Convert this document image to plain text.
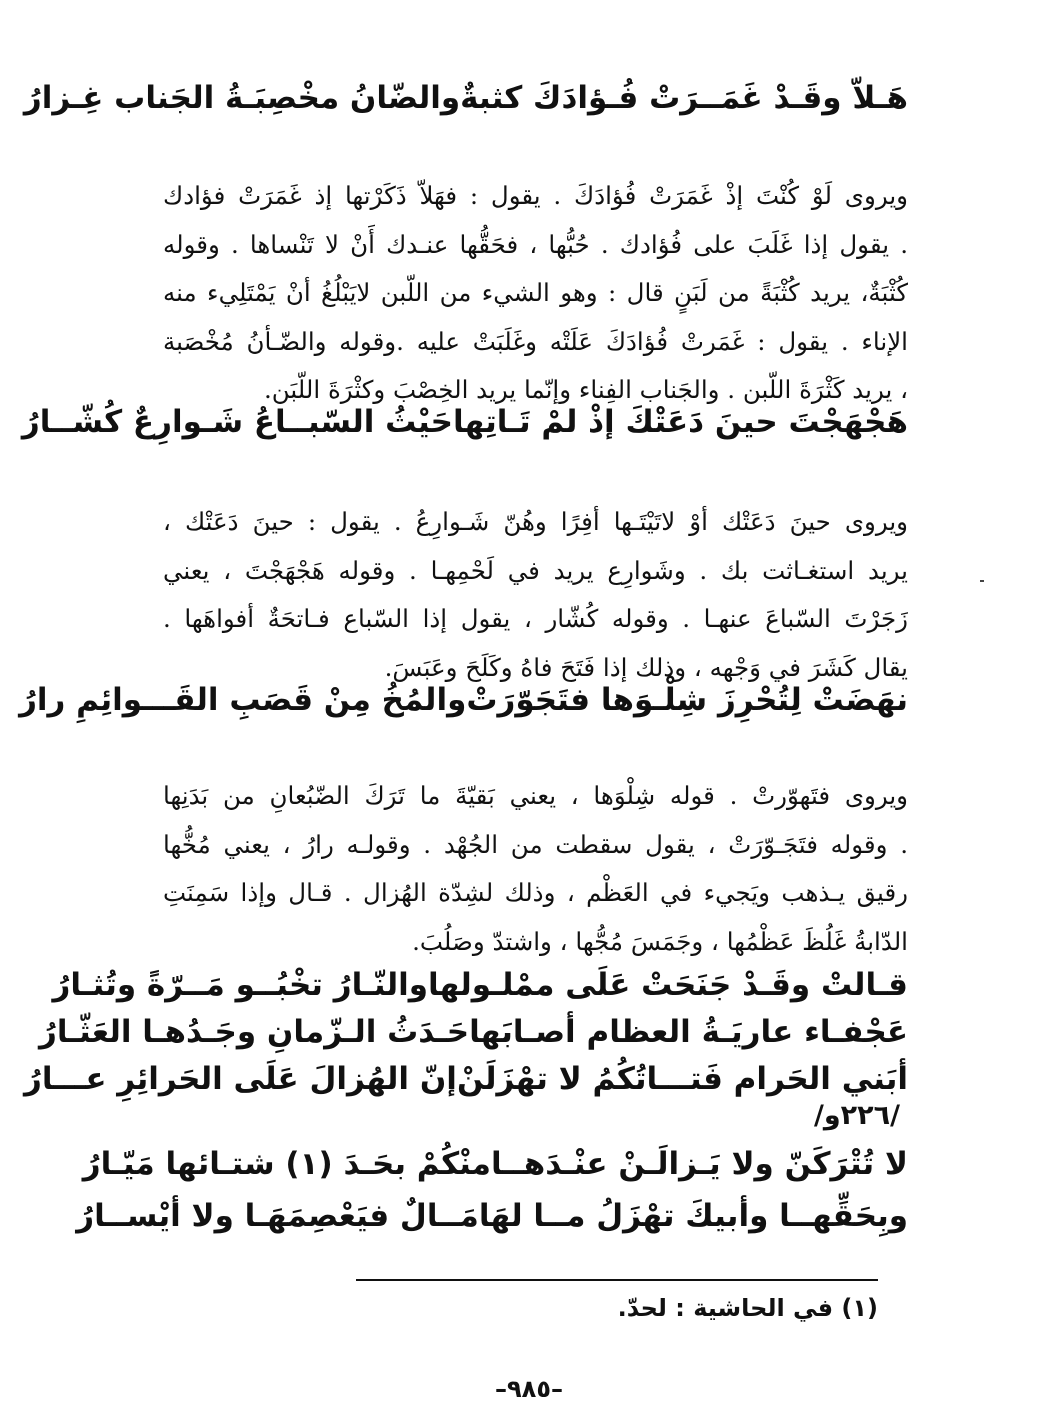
هَـلاّ وقَـدْ غَمَــرَتْ فُـؤادَكَ كثبةٌ
والضّانُ مخْصِبَـةُ الجَناب غِـزارُ
ويروى لَوْ كُنْتَ إذْ غَمَرَتْ فُؤادَكَ . يقول : فهَلاّ ذَكَرْتها إذ غَمَرَتْ فؤادك
. يقول إذا غَلَبَ على فُؤادك . حُبُّها ، فحَقُّها عنـدك أَنْ لا تَنْساها . وقوله
كُثْبَةٌ، يريد كُثْبَةً من لَبَنٍ قال : وهو الشيء من اللّبن لايَبْلُغُ أنْ يَمْتَلِيء منه
الإناء . يقول : غَمَرتْ فُؤادَكَ عَلَتْه وغَلَبَتْ عليه .وقوله والضّـأنُ مُخْصَبة
، يريد كَثْرَةَ اللّبن . والجَناب الفِناء وإنّما يريد الخِصْبَ وكثْرَةَ اللّبَن.
هَجْهَجْتَ حينَ دَعَتْكَ إذْ لمْ تَـاتِها
حَيْثُ السّبــاعُ شَـوارِعٌ كُشّــارُ
ويروى حينَ دَعَتْك أوْ لاتَيْتَـها أفِرًا وهُنّ شَـوارِعُ . يقول : حينَ دَعَتْك ،
يريد استغـاثت بك . وشَوارِع يريد في لَحْمِهـا . وقوله هَجْهَجْتَ ، يعني
زَجَرْتَ السّباعَ عنهـا . وقوله كُشّار ، يقول إذا السّباع فـاتحَةٌ أفواهَها .
يقال كَشَرَ في وَجْهه ، وذلك إذا فَتَحَ فاهُ وكَلَحَ وعَبَسَ.
نهَضَتْ لِتُحْرِزَ شِلْـوَها فتَجَوّرَتْ
والمُخُ مِنْ قَصَبِ القَـــوائِمِ رارُ
ويروى فتَهوّرتْ . قوله شِلْوَها ، يعني بَقيّةَ ما تَرَكَ الضّبُعانِ من بَدَنِها
. وقوله فتَجَـوّرَتْ ، يقول سقطت من الجُهْد . وقولـه رارُ ، يعني مُخُّها
رقيق يـذهب ويَجيء في العَظْم ، وذلك لشِدّة الهُزال . قـال وإذا سَمِنَتِ
الدّابةُ غَلُظَ عَظْمُها ، وجَمَسَ مُجُّها ، واشتدّ وصَلُبَ.
قـالتْ وقَـدْ جَنَحَتْ عَلَى ممْلـولها
والنّـارُ تخْبُــو مَــرّةً وتُثـارُ
عَجْفـاء عاريَـةُ العظام أصـابَها
حَـدَثُ الـزّمانِ وجَـدُهـا العَثّـارُ
أبَني الحَرام فَتـــاتُكُمُ لا تهْزَلَنْ
إنّ الهُزالَ عَلَى الحَرائِرِ عـــارُ
/٢٢٦و/
لا تُتْرَكَنّ ولا يَـزالَـنْ عنْـدَهــا
منْكُمْ بحَـدَ (١) شتـائها مَيّـارُ
وبِحَقِّهــا وأبيكَ تهْزَلُ مــا لهَا
مَــالٌ فيَعْصِمَهَـا ولا أيْســارُ
(١) في الحاشية : لحدّ.
–٩٨٥–
